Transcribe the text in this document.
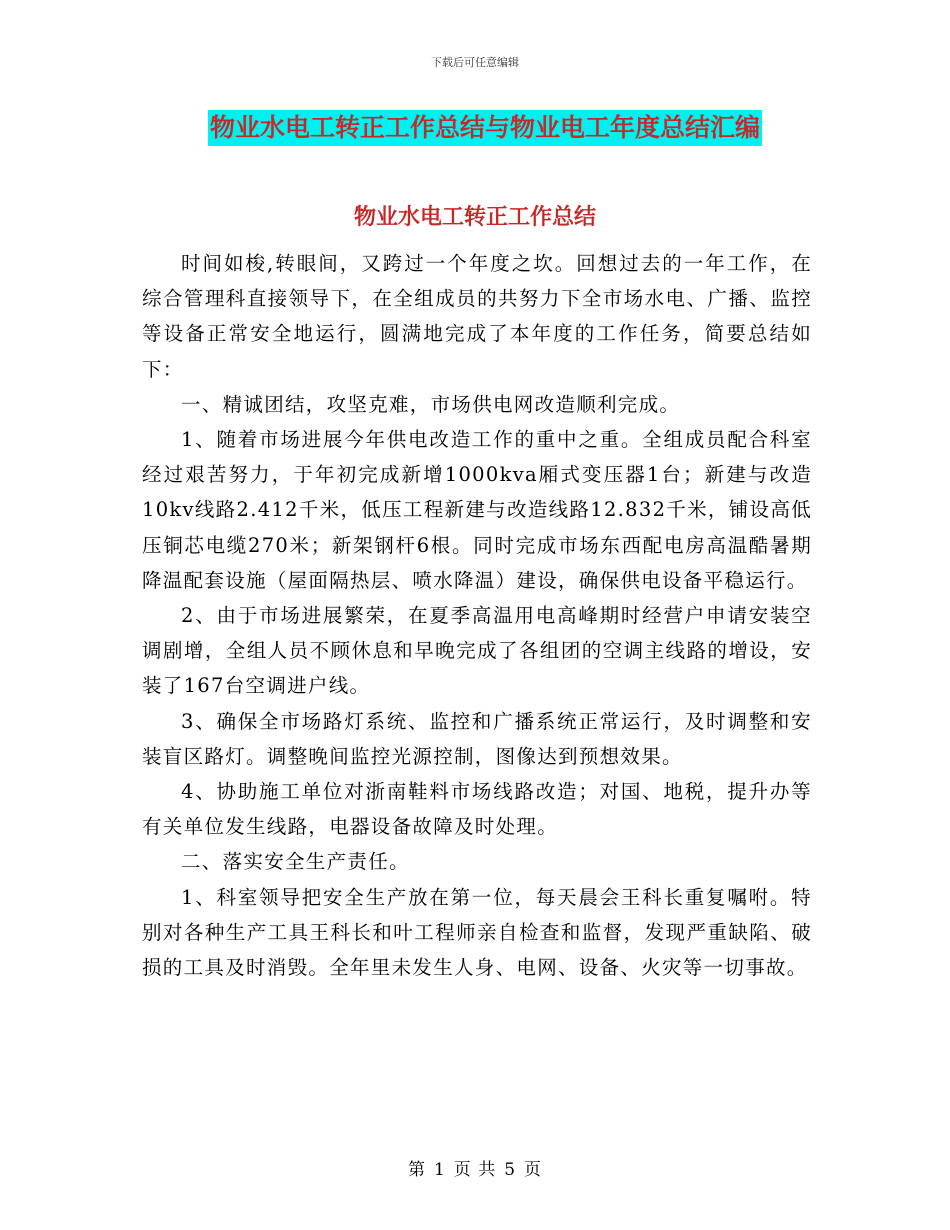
下载后可任意编辑
物业水电工转正工作总结与物业电工年度总结汇编
物业水电工转正工作总结

时间如梭,转眼间，又跨过一个年度之坎。回想过去的一年工作，在综合管理科直接领导下，在全组成员的共努力下全市场水电、广播、监控等设备正常安全地运行，圆满地完成了本年度的工作任务，简要总结如下：

一、精诚团结，攻坚克难，市场供电网改造顺利完成。

1、随着市场进展今年供电改造工作的重中之重。全组成员配合科室经过艰苦努力，于年初完成新增1000kva厢式变压器1台；新建与改造10kv线路2.412千米，低压工程新建与改造线路12.832千米，铺设高低压铜芯电缆270米；新架钢杆6根。同时完成市场东西配电房高温酷暑期降温配套设施（屋面隔热层、喷水降温）建设，确保供电设备平稳运行。

2、由于市场进展繁荣，在夏季高温用电高峰期时经营户申请安装空调剧增，全组人员不顾休息和早晚完成了各组团的空调主线路的增设，安装了167台空调进户线。

3、确保全市场路灯系统、监控和广播系统正常运行，及时调整和安装盲区路灯。调整晚间监控光源控制，图像达到预想效果。

4、协助施工单位对浙南鞋料市场线路改造；对国、地税，提升办等有关单位发生线路，电器设备故障及时处理。

二、落实安全生产责任。

1、科室领导把安全生产放在第一位，每天晨会王科长重复嘱咐。特别对各种生产工具王科长和叶工程师亲自检查和监督，发现严重缺陷、破损的工具及时消毁。全年里未发生人身、电网、设备、火灾等一切事故。

第 1 页 共 5 页
